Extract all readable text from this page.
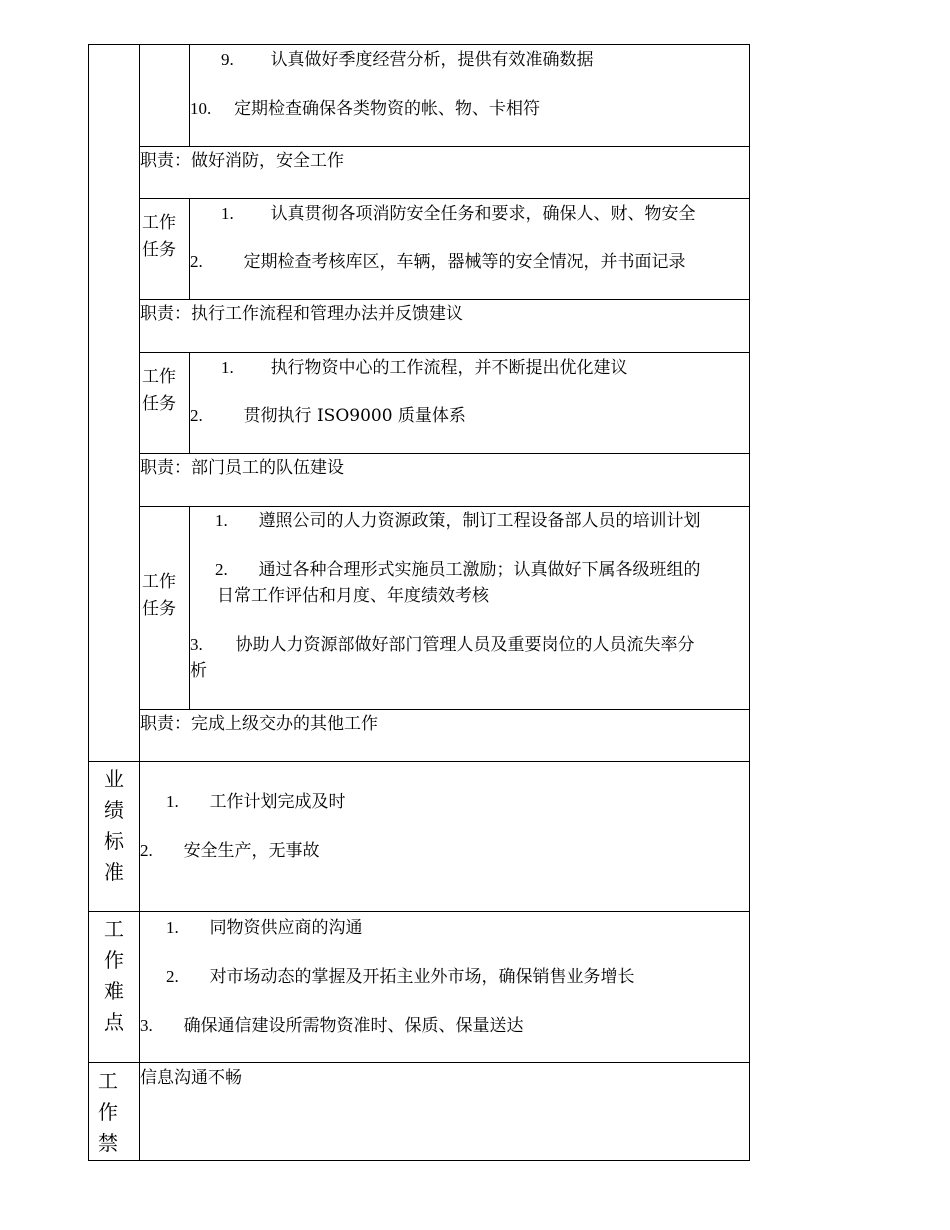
9. 认真做好季度经营分析，提供有效准确数据
10. 定期检查确保各类物资的帐、物、卡相符
职责：做好消防，安全工作
工作
任务
1. 认真贯彻各项消防安全任务和要求，确保人、财、物安全
2. 定期检查考核库区，车辆，器械等的安全情况，并书面记录
职责：执行工作流程和管理办法并反馈建议
工作
任务
1. 执行物资中心的工作流程，并不断提出优化建议
2. 贯彻执行 ISO9000 质量体系
职责：部门员工的队伍建设
工作
任务
1. 遵照公司的人力资源政策，制订工程设备部人员的培训计划
2. 通过各种合理形式实施员工激励；认真做好下属各级班组的
日常工作评估和月度、年度绩效考核
3. 协助人力资源部做好部门管理人员及重要岗位的人员流失率分
析
职责：完成上级交办的其他工作
业
绩
标
准
1. 工作计划完成及时
2. 安全生产，无事故
工
作
难
点
1. 同物资供应商的沟通
2. 对市场动态的掌握及开拓主业外市场，确保销售业务增长
3. 确保通信建设所需物资准时、保质、保量送达
工
作
禁
信息沟通不畅
